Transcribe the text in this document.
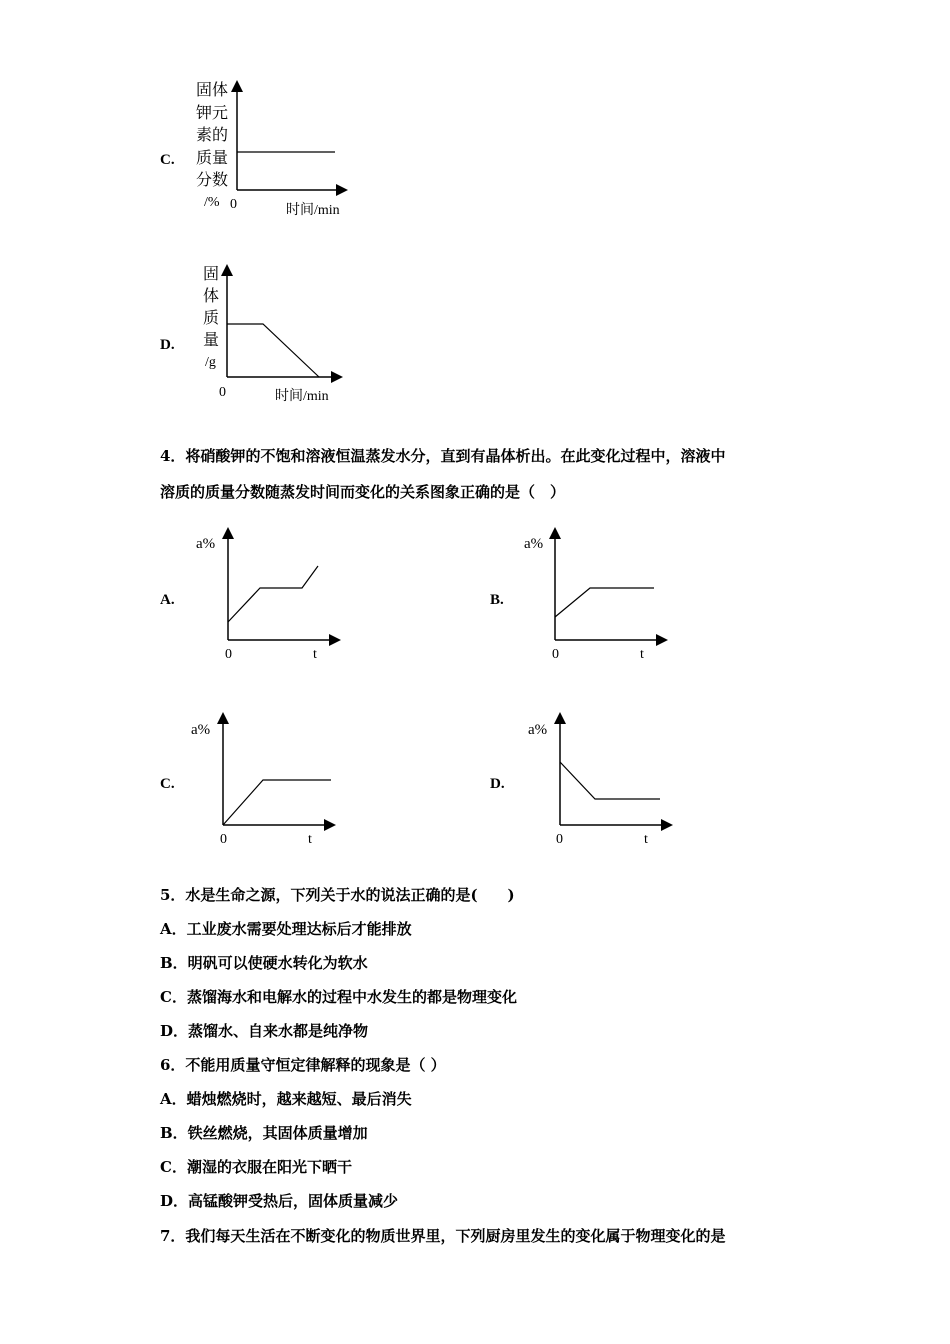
C.
固体
钾元
素的
质量
分数
/% 0	时间/min
D.
固
体
质
量
/g
0	时间/min
4．将硝酸钾的不饱和溶液恒温蒸发水分，直到有晶体析出。在此变化过程中，溶液中
溶质的质量分数随蒸发时间而变化的关系图象正确的是（　）
A.
a%
0	t
B.
a%
0	t
C.
a%
0	t
D.
a%
0	t
5．水是生命之源，下列关于水的说法正确的是(　　)
A．工业废水需要处理达标后才能排放
B．明矾可以使硬水转化为软水
C．蒸馏海水和电解水的过程中水发生的都是物理变化
D．蒸馏水、自来水都是纯净物
6．不能用质量守恒定律解释的现象是（ ）
A．蜡烛燃烧时，越来越短、最后消失
B．铁丝燃烧，其固体质量增加
C．潮湿的衣服在阳光下晒干
D．高锰酸钾受热后，固体质量减少
7．我们每天生活在不断变化的物质世界里，下列厨房里发生的变化属于物理变化的是
